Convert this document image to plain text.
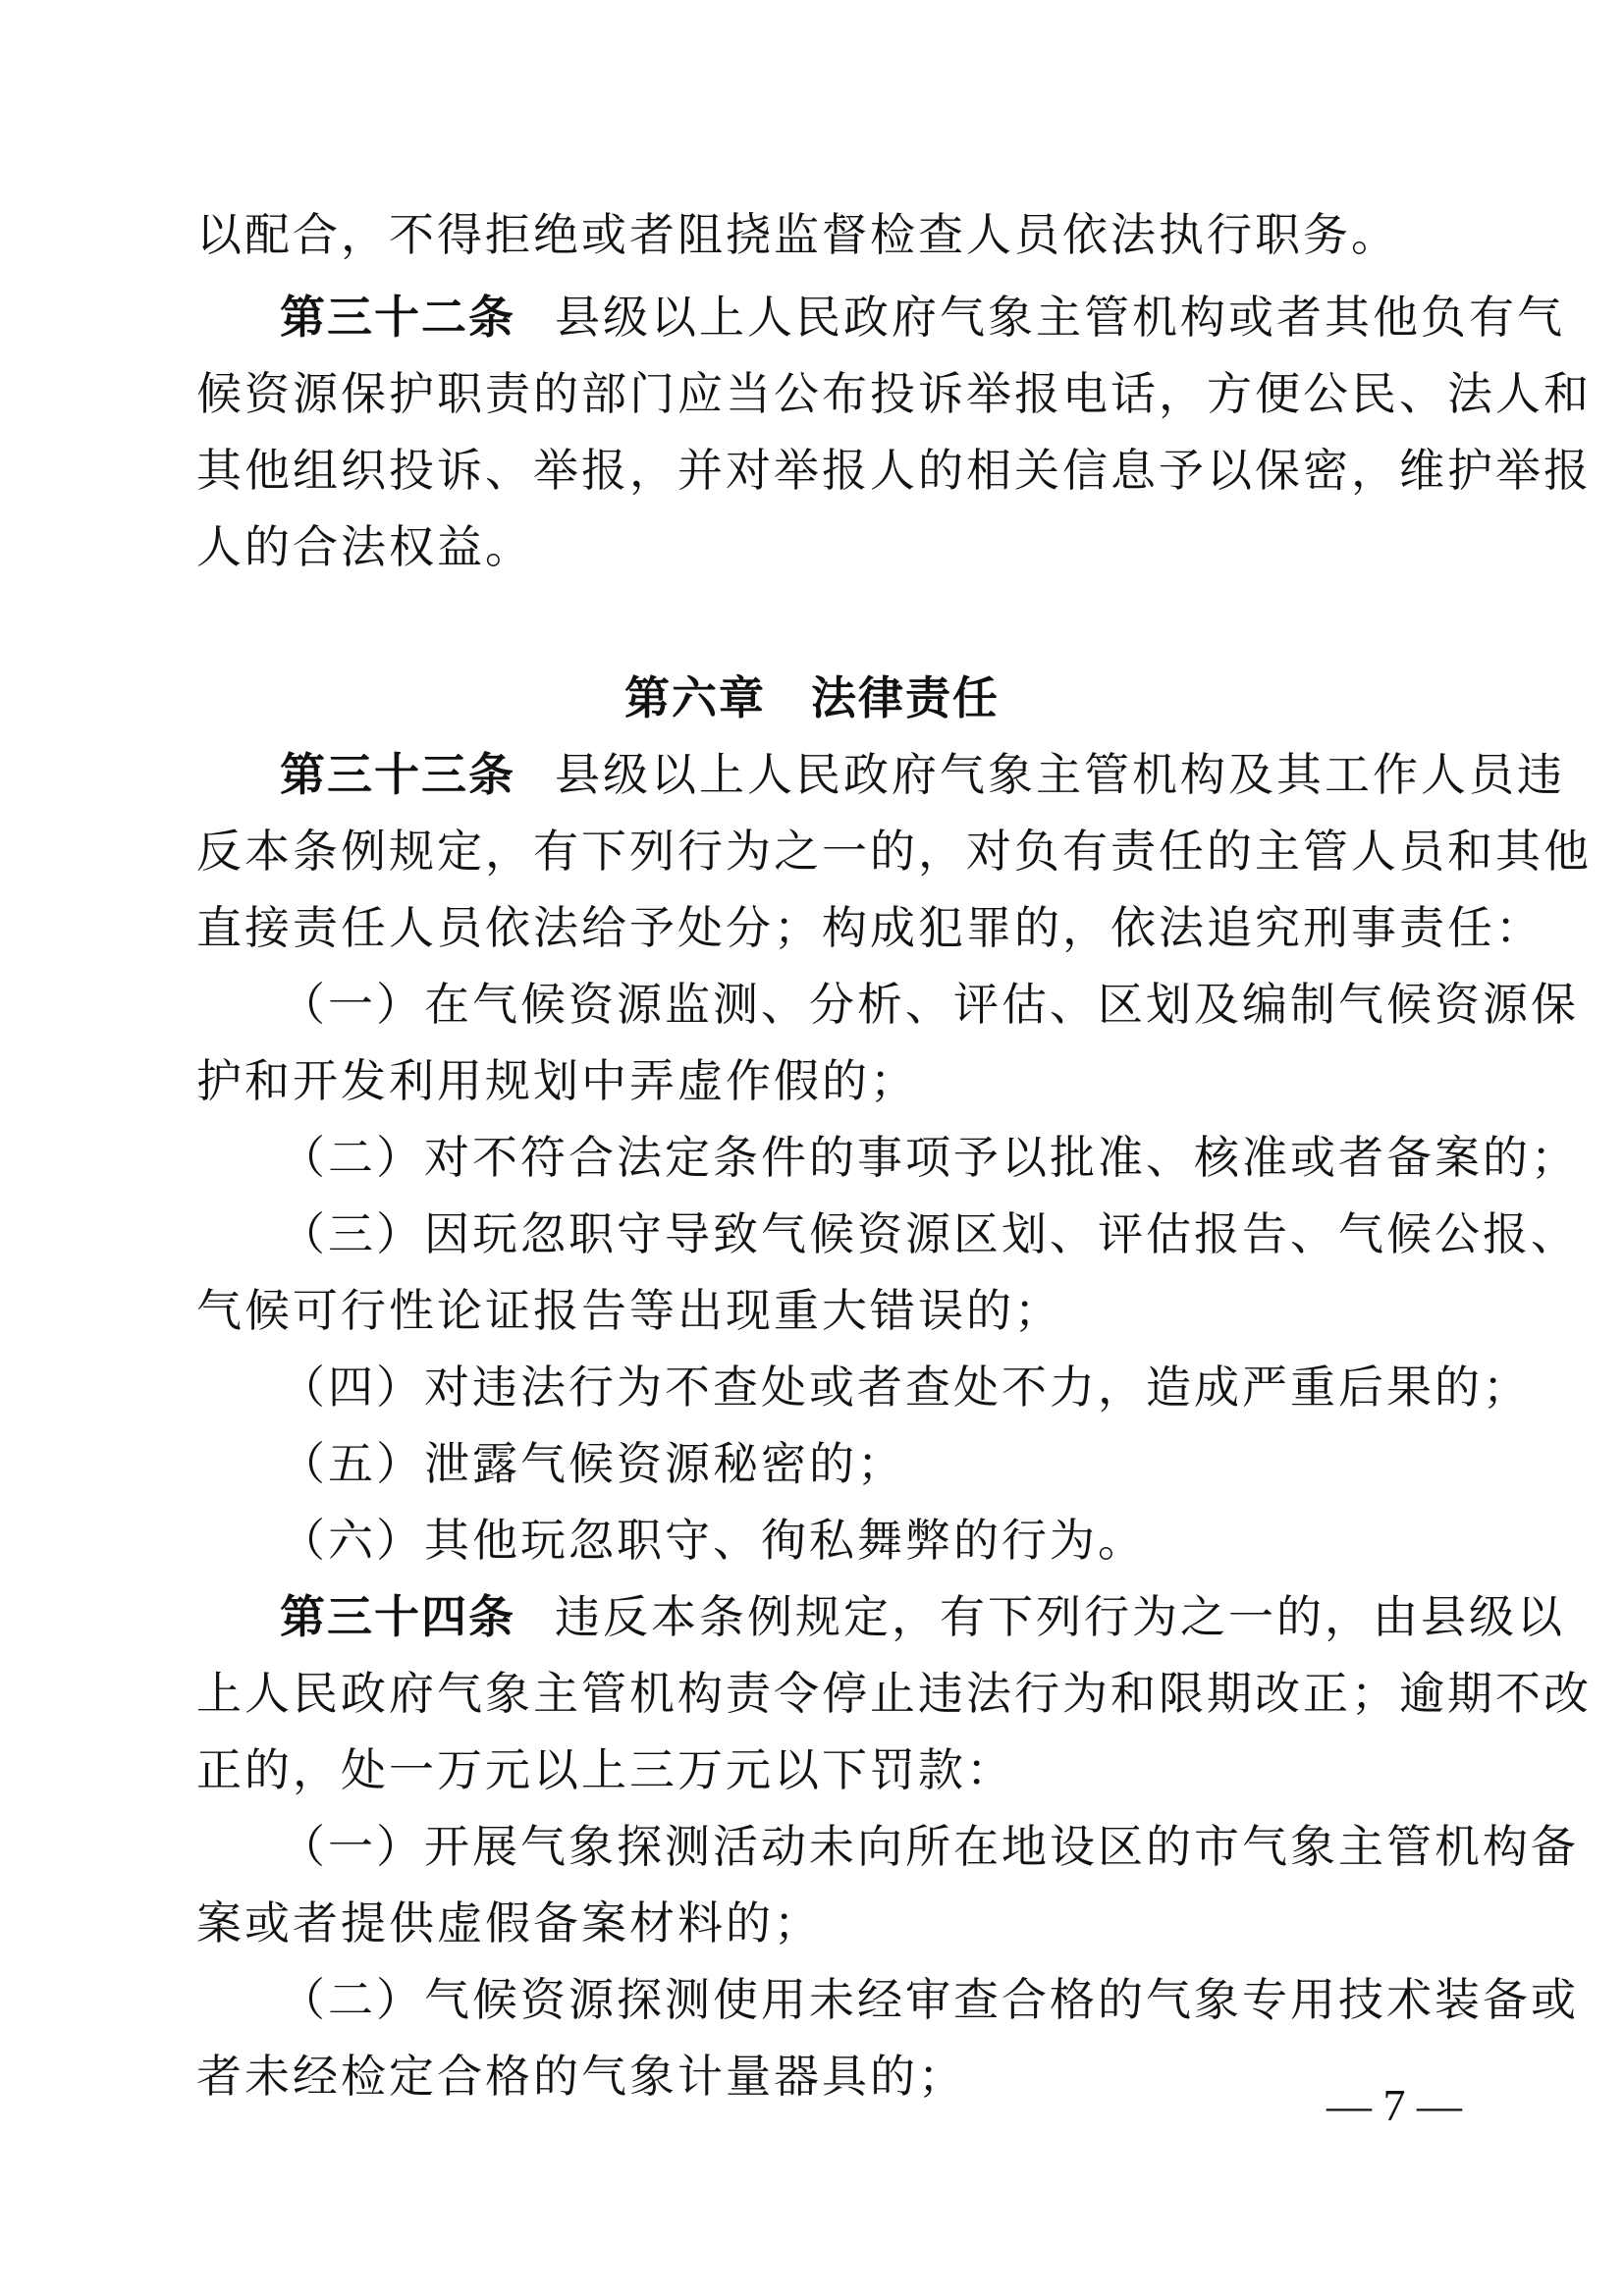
以配合，不得拒绝或者阻挠监督检查人员依法执行职务。
第三十二条 县级以上人民政府气象主管机构或者其他负有气
候资源保护职责的部门应当公布投诉举报电话，方便公民、法人和
其他组织投诉、举报，并对举报人的相关信息予以保密，维护举报
人的合法权益。
第六章 法律责任
第三十三条 县级以上人民政府气象主管机构及其工作人员违
反本条例规定，有下列行为之一的，对负有责任的主管人员和其他
直接责任人员依法给予处分；构成犯罪的，依法追究刑事责任：
（一）在气候资源监测、分析、评估、区划及编制气候资源保
护和开发利用规划中弄虚作假的；
（二）对不符合法定条件的事项予以批准、核准或者备案的；
（三）因玩忽职守导致气候资源区划、评估报告、气候公报、
气候可行性论证报告等出现重大错误的；
（四）对违法行为不查处或者查处不力，造成严重后果的；
（五）泄露气候资源秘密的；
（六）其他玩忽职守、徇私舞弊的行为。
第三十四条 违反本条例规定，有下列行为之一的，由县级以
上人民政府气象主管机构责令停止违法行为和限期改正；逾期不改
正的，处一万元以上三万元以下罚款：
（一）开展气象探测活动未向所在地设区的市气象主管机构备
案或者提供虚假备案材料的；
（二）气候资源探测使用未经审查合格的气象专用技术装备或
者未经检定合格的气象计量器具的；
— 7 —
